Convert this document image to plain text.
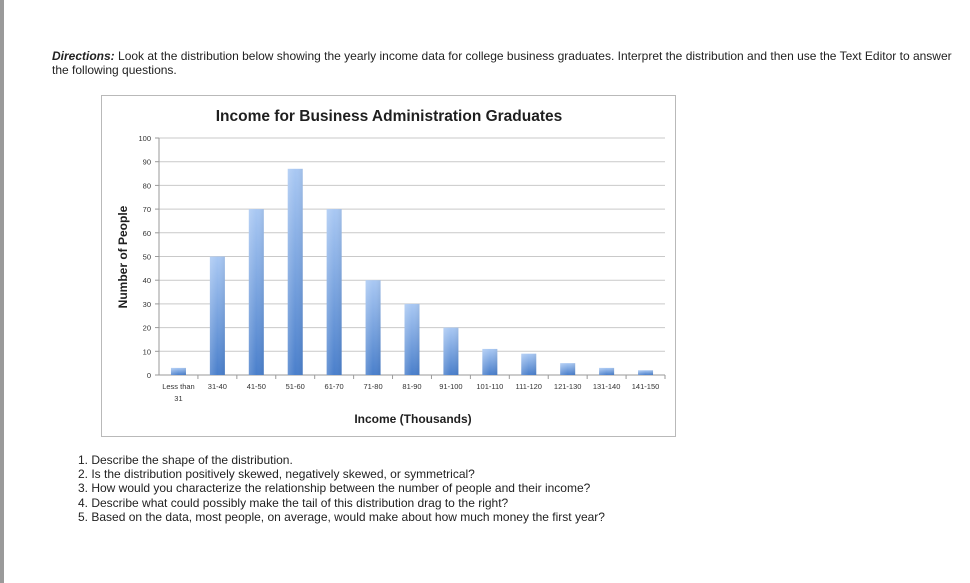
Directions: Look at the distribution below showing the yearly income data for college business graduates. Interpret the distribution and then use the Text Editor to answer the following questions.
0
10
20
30
40
50
60
70
80
90
100
Less than 31
31-40	41-50	51-60	61-70	71-80	81-90 91-100 101-110 111-120 121-130 131-140 141-150
Income for Business Administration Graduates
Income (Thousands)
Number of People
1. Describe the shape of the distribution.
2. Is the distribution positively skewed, negatively skewed, or symmetrical?
3. How would you characterize the relationship between the number of people and their income?
4. Describe what could possibly make the tail of this distribution drag to the right?
5. Based on the data, most people, on average, would make about how much money the first year?
